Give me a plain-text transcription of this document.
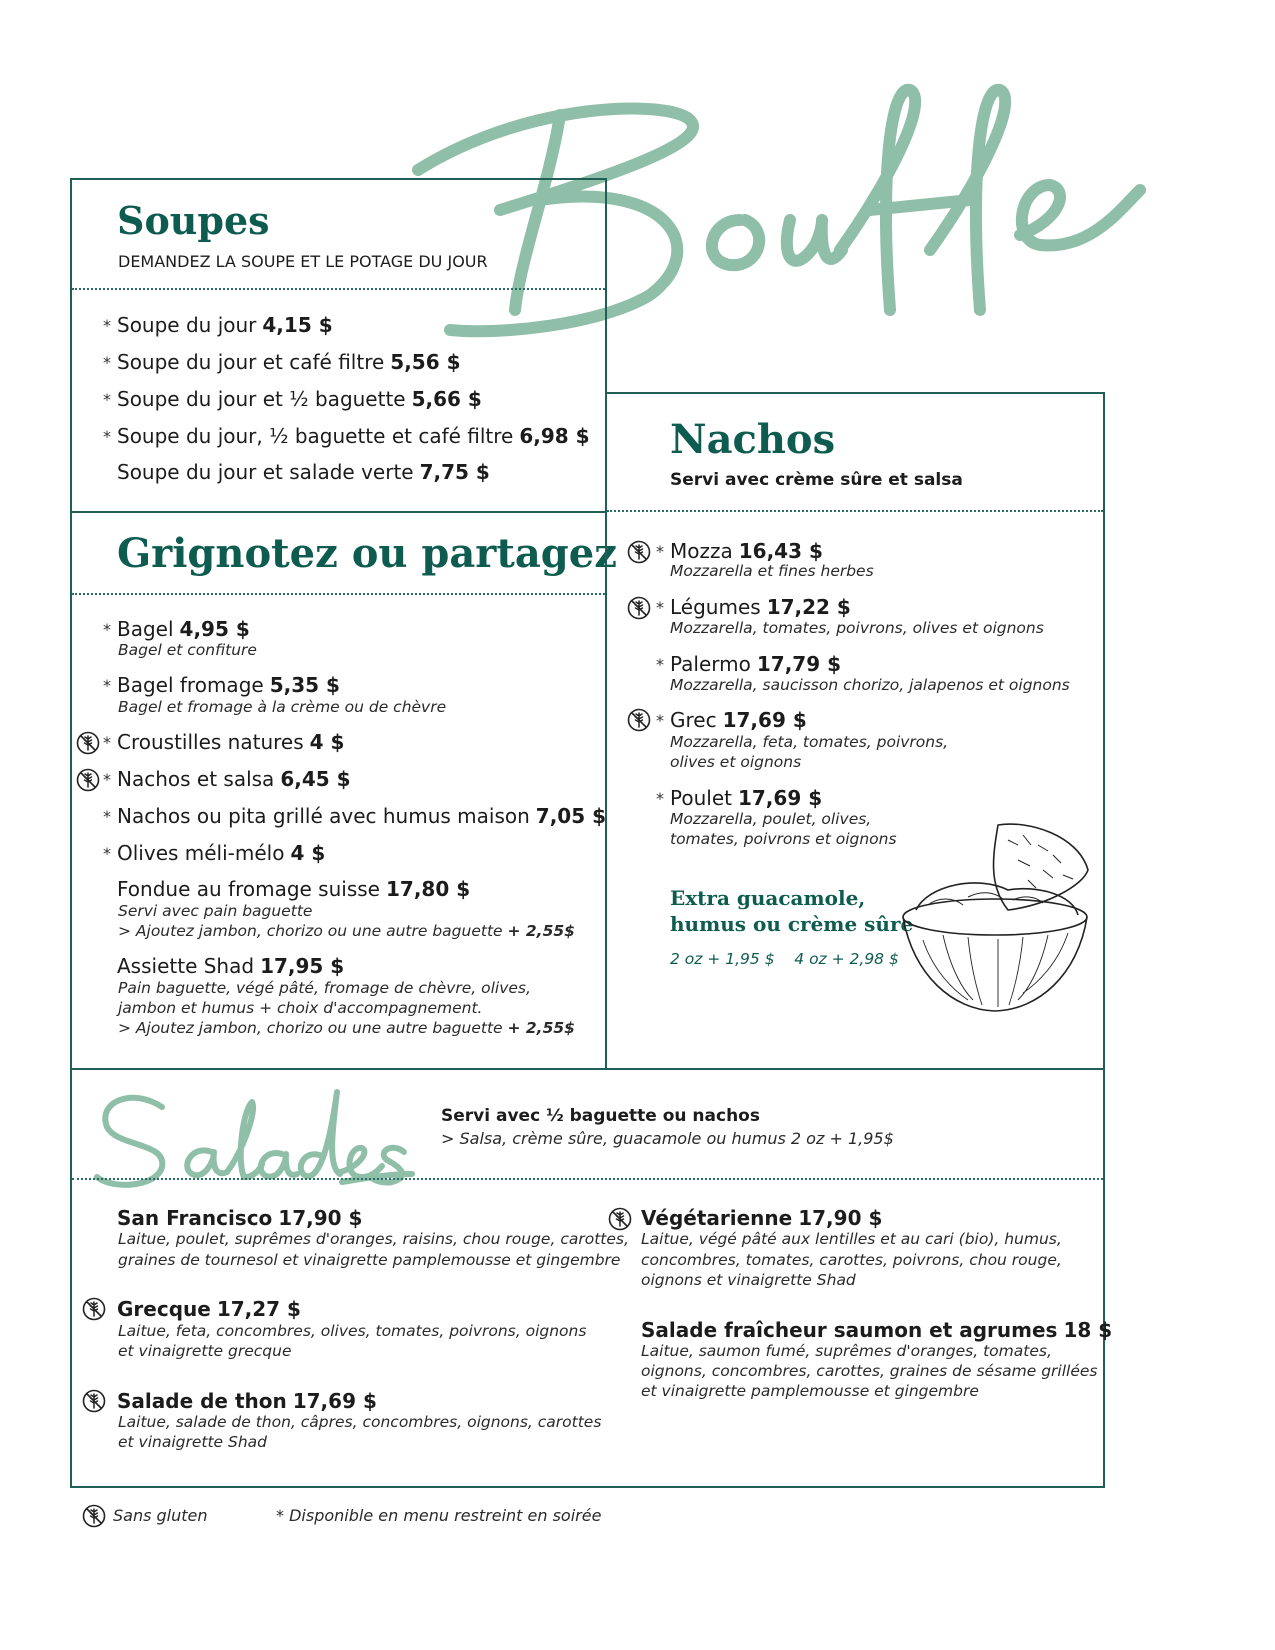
Soupes
DEMANDEZ LA SOUPE ET LE POTAGE DU JOUR
* Soupe du jour 4,15 $
* Soupe du jour et café filtre 5,56 $
* Soupe du jour et ½ baguette 5,66 $
* Soupe du jour, ½ baguette et café filtre 6,98 $
Soupe du jour et salade verte 7,75 $
Grignotez ou partagez
* Bagel 4,95 $
Bagel et confiture
* Bagel fromage 5,35 $
Bagel et fromage à la crème ou de chèvre
* Croustilles natures 4 $
* Nachos et salsa 6,45 $
* Nachos ou pita grillé avec humus maison 7,05 $
* Olives méli-mélo 4 $
Fondue au fromage suisse 17,80 $
Servi avec pain baguette
> Ajoutez jambon, chorizo ou une autre baguette + 2,55$
Assiette Shad 17,95 $
Pain baguette, végé pâté, fromage de chèvre, olives,
jambon et humus + choix d'accompagnement.
> Ajoutez jambon, chorizo ou une autre baguette + 2,55$
Nachos
Servi avec crème sûre et salsa
* Mozza 16,43 $
Mozzarella et fines herbes
* Légumes 17,22 $
Mozzarella, tomates, poivrons, olives et oignons
* Palermo 17,79 $
Mozzarella, saucisson chorizo, jalapenos et oignons
* Grec 17,69 $
Mozzarella, feta, tomates, poivrons,
olives et oignons
* Poulet 17,69 $
Mozzarella, poulet, olives,
tomates, poivrons et oignons
Extra guacamole,
humus ou crème sûre
2 oz + 1,95 $ 4 oz + 2,98 $
Servi avec ½ baguette ou nachos
> Salsa, crème sûre, guacamole ou humus 2 oz + 1,95$
San Francisco 17,90 $
Laitue, poulet, suprêmes d'oranges, raisins, chou rouge, carottes,
graines de tournesol et vinaigrette pamplemousse et gingembre
Grecque 17,27 $
Laitue, feta, concombres, olives, tomates, poivrons, oignons
et vinaigrette grecque
Salade de thon 17,69 $
Laitue, salade de thon, câpres, concombres, oignons, carottes
et vinaigrette Shad
Végétarienne 17,90 $
Laitue, végé pâté aux lentilles et au cari (bio), humus,
concombres, tomates, carottes, poivrons, chou rouge,
oignons et vinaigrette Shad
Salade fraîcheur saumon et agrumes 18 $
Laitue, saumon fumé, suprêmes d'oranges, tomates,
oignons, concombres, carottes, graines de sésame grillées
et vinaigrette pamplemousse et gingembre
Sans gluten	* Disponible en menu restreint en soirée
